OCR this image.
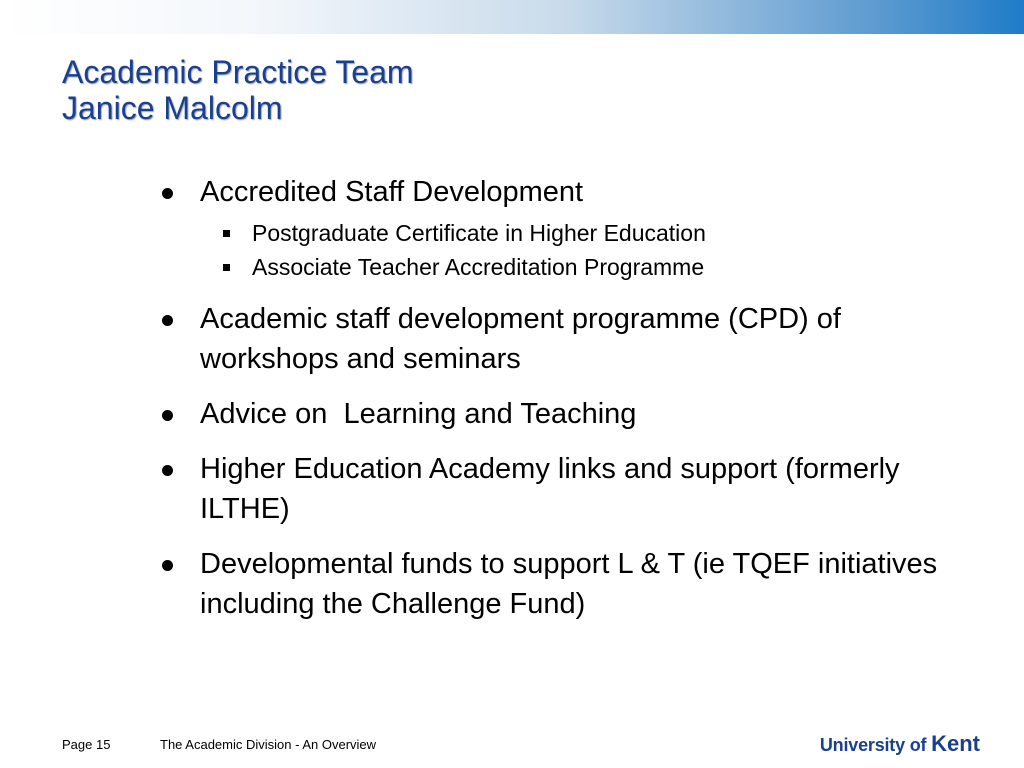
Academic Practice Team
Janice Malcolm
Accredited Staff Development
Postgraduate Certificate in Higher Education
Associate Teacher Accreditation Programme
Academic staff development programme (CPD) of workshops and seminars
Advice on  Learning and Teaching
Higher Education Academy links and support (formerly ILTHE)
Developmental funds to support L & T (ie TQEF initiatives including the Challenge Fund)
Page 15	The Academic Division - An Overview	University of Kent
